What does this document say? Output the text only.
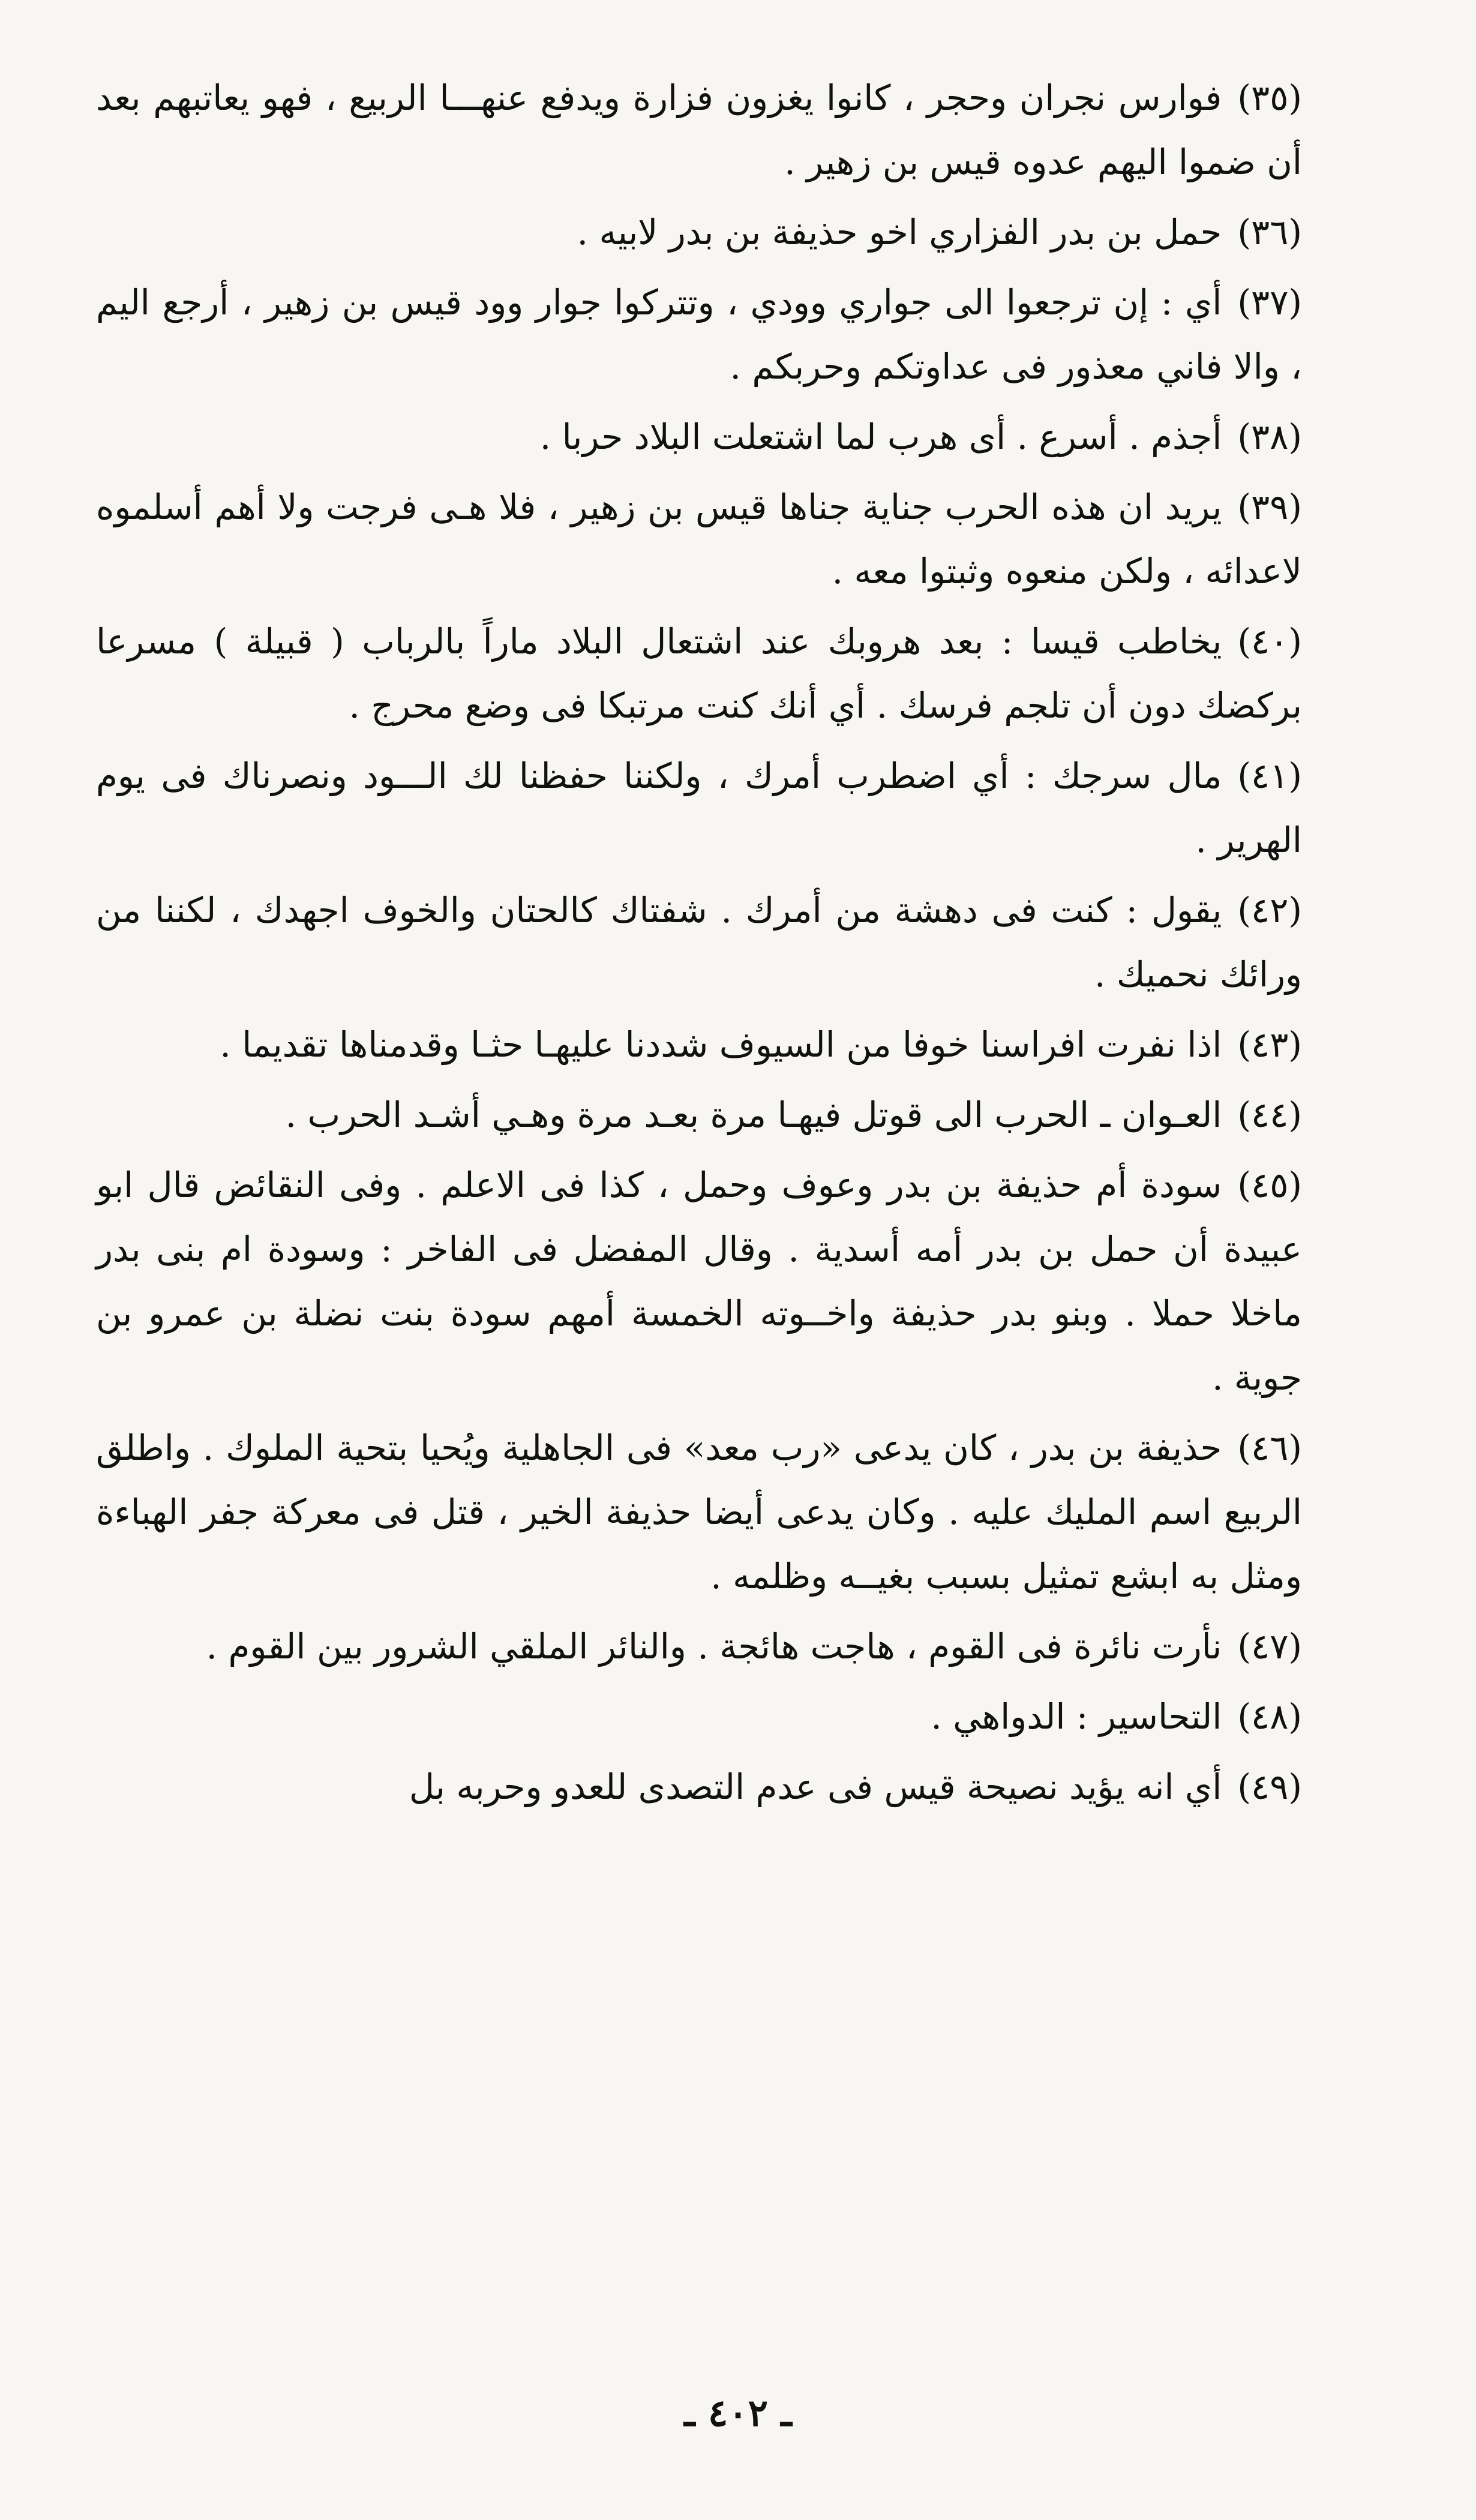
(٣٥)فوارس نجران وحجر ، كانوا يغزون فزارة ويدفع عنهـــا الربيع ، فهو يعاتبهم بعد أن ضموا اليهم عدوه قيس بن زهير .

(٣٦)حمل بن بدر الفزاري اخو حذيفة بن بدر لابيه .

(٣٧)أي : إن ترجعوا الى جواري وودي ، وتتركوا جوار وود قيس بن زهير ، أرجع اليم ، والا فاني معذور فى عداوتكم وحربكم .

(٣٨)أجذم . أسرع . أى هرب لما اشتعلت البلاد حربا .

(٣٩)يريد ان هذه الحرب جناية جناها قيس بن زهير ، فلا هـى فرجت ولا أهم أسلموه لاعدائه ، ولكن منعوه وثبتوا معه .

(٤٠)يخاطب قيسا : بعد هروبك عند اشتعال البلاد ماراً بالرباب ( قبيلة ) مسرعا بركضك دون أن تلجم فرسك . أي أنك كنت مرتبكا فى وضع محرج .

(٤١)مال سرجك : أي اضطرب أمرك ، ولكننا حفظنا لك الـــود ونصرناك فى يوم الهرير .

(٤٢)يقول : كنت فى دهشة من أمرك . شفتاك كالحتان والخوف اجهدك ، لكننا من ورائك نحميك .

(٤٣)اذا نفرت افراسنا خوفا من السيوف شددنا عليهـا حثـا وقدمناها تقديما .

(٤٤)العـوان ـ الحرب الى قوتل فيهـا مرة بعـد مرة وهـي أشـد الحرب .

(٤٥)سودة أم حذيفة بن بدر وعوف وحمل ، كذا فى الاعلم . وفى النقائض قال ابو عبيدة أن حمل بن بدر أمه أسدية . وقال المفضل فى الفاخر : وسودة ام بنى بدر ماخلا حملا . وبنو بدر حذيفة واخــوته الخمسة أمهم سودة بنت نضلة بن عمرو بن جوية .

(٤٦)حذيفة بن بدر ، كان يدعى «رب معد» فى الجاهلية ويُحيا بتحية الملوك . واطلق الربيع اسم المليك عليه . وكان يدعى أيضا حذيفة الخير ، قتل فى معركة جفر الهباءة ومثل به ابشع تمثيل بسبب بغيــه وظلمه .

(٤٧)نأرت نائرة فى القوم ، هاجت هائجة . والنائر الملقي الشرور بين القوم .

(٤٨)التحاسير : الدواهي .

(٤٩)أي انه يؤيد نصيحة قيس فى عدم التصدى للعدو وحربه بل

ـ ٤٠٢ ـ
